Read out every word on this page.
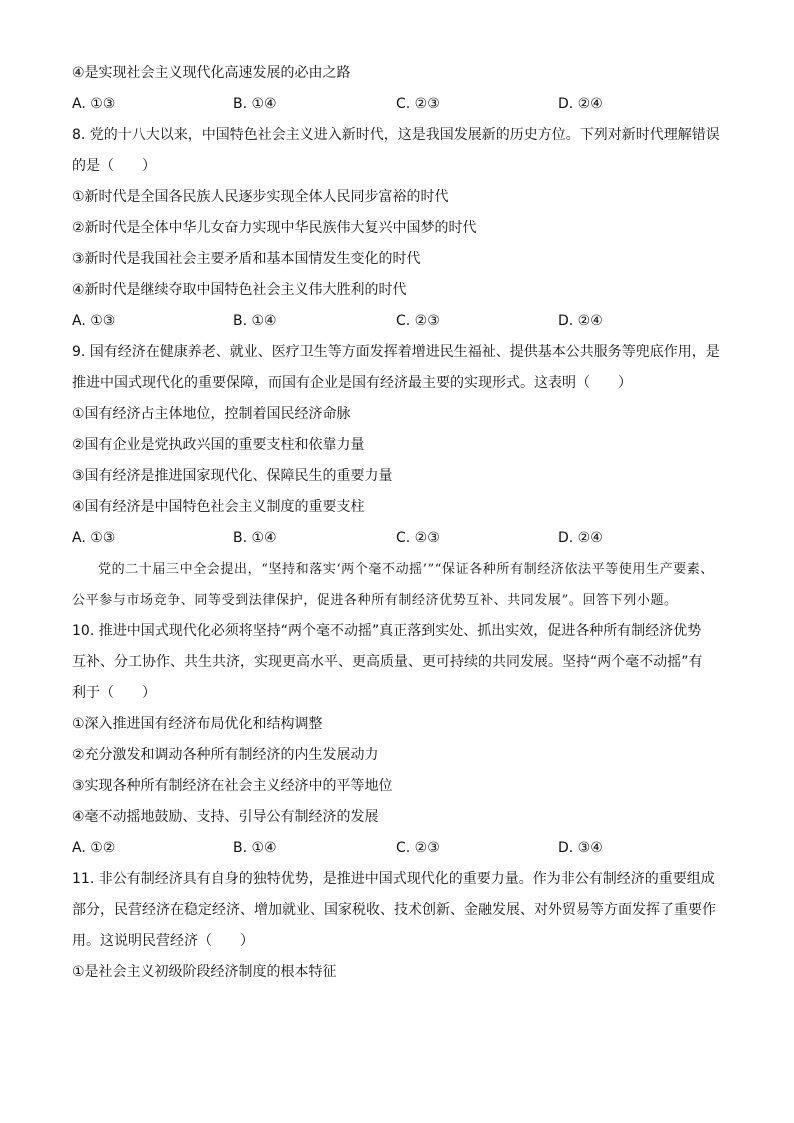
④是实现社会主义现代化高速发展的必由之路
A. ①③	B. ①④	C. ②③	D. ②④
8. 党的十八大以来，中国特色社会主义进入新时代，这是我国发展新的历史方位。下列对新时代理解错误
的是（　　）
①新时代是全国各民族人民逐步实现全体人民同步富裕的时代
②新时代是全体中华儿女奋力实现中华民族伟大复兴中国梦的时代
③新时代是我国社会主要矛盾和基本国情发生变化的时代
④新时代是继续夺取中国特色社会主义伟大胜利的时代
A. ①③	B. ①④	C. ②③	D. ②④
9. 国有经济在健康养老、就业、医疗卫生等方面发挥着增进民生福祉、提供基本公共服务等兜底作用，是
推进中国式现代化的重要保障，而国有企业是国有经济最主要的实现形式。这表明（　　）
①国有经济占主体地位，控制着国民经济命脉
②国有企业是党执政兴国的重要支柱和依靠力量
③国有经济是推进国家现代化、保障民生的重要力量
④国有经济是中国特色社会主义制度的重要支柱
A. ①③	B. ①④	C. ②③	D. ②④

党的二十届三中全会提出，“坚持和落实‘两个毫不动摇’”“保证各种所有制经济依法平等使用生产要素、公平参与市场竞争、同等受到法律保护，促进各种所有制经济优势互补、共同发展”。回答下列小题。

10. 推进中国式现代化必须将坚持“两个毫不动摇”真正落到实处、抓出实效，促进各种所有制经济优势
互补、分工协作、共生共济，实现更高水平、更高质量、更可持续的共同发展。坚持“两个毫不动摇”有
利于（　　）
①深入推进国有经济布局优化和结构调整
②充分激发和调动各种所有制经济的内生发展动力
③实现各种所有制经济在社会主义经济中的平等地位
④毫不动摇地鼓励、支持、引导公有制经济的发展
A. ①②	B. ①④	C. ②③	D. ③④
11. 非公有制经济具有自身的独特优势，是推进中国式现代化的重要力量。作为非公有制经济的重要组成
部分，民营经济在稳定经济、增加就业、国家税收、技术创新、金融发展、对外贸易等方面发挥了重要作
用。这说明民营经济（　　）
①是社会主义初级阶段经济制度的根本特征
